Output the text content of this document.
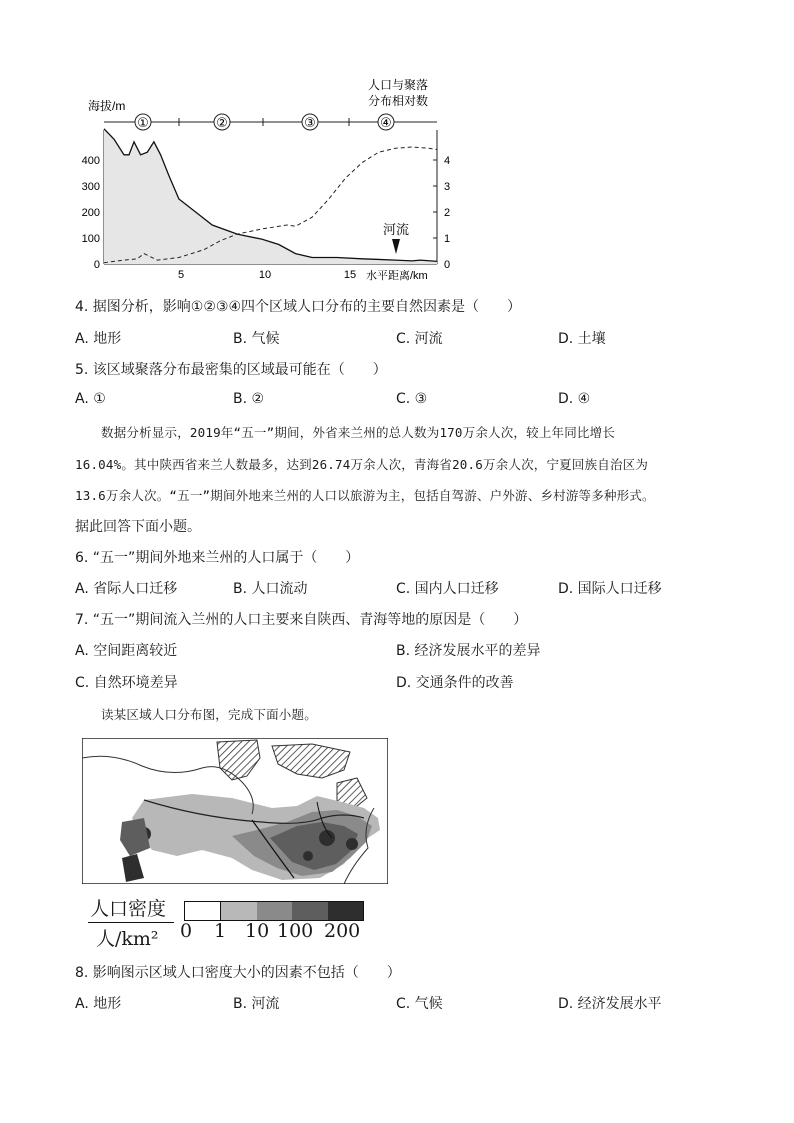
海拔/m
人口与聚落
分布相对数
①	②	③	④
0
100
200
300
400
0
1
2
3
4
5	10	15 水平距离/km
河流
4. 据图分析，影响①②③④四个区域人口分布的主要自然因素是（　　）
A. 地形	B. 气候	C. 河流	D. 土壤
5. 该区域聚落分布最密集的区域最可能在（　　）
A. ①	B. ②	C. ③	D. ④
数据分析显示，2019年“五一”期间，外省来兰州的总人数为170万余人次，较上年同比增长
16.04%。其中陕西省来兰人数最多，达到26.74万余人次，青海省20.6万余人次，宁夏回族自治区为
13.6万余人次。“五一”期间外地来兰州的人口以旅游为主，包括自驾游、户外游、乡村游等多种形式。
据此回答下面小题。
6. “五一”期间外地来兰州的人口属于（　　）
A. 省际人口迁移	B. 人口流动	C. 国内人口迁移	D. 国际人口迁移
7. “五一”期间流入兰州的人口主要来自陕西、青海等地的原因是（　　）
A. 空间距离较近	B. 经济发展水平的差异
C. 自然环境差异	D. 交通条件的改善
读某区域人口分布图，完成下面小题。
人口密度
人/km² 0 1 10 100 200
8. 影响图示区域人口密度大小的因素不包括（　　）
A. 地形	B. 河流	C. 气候	D. 经济发展水平
